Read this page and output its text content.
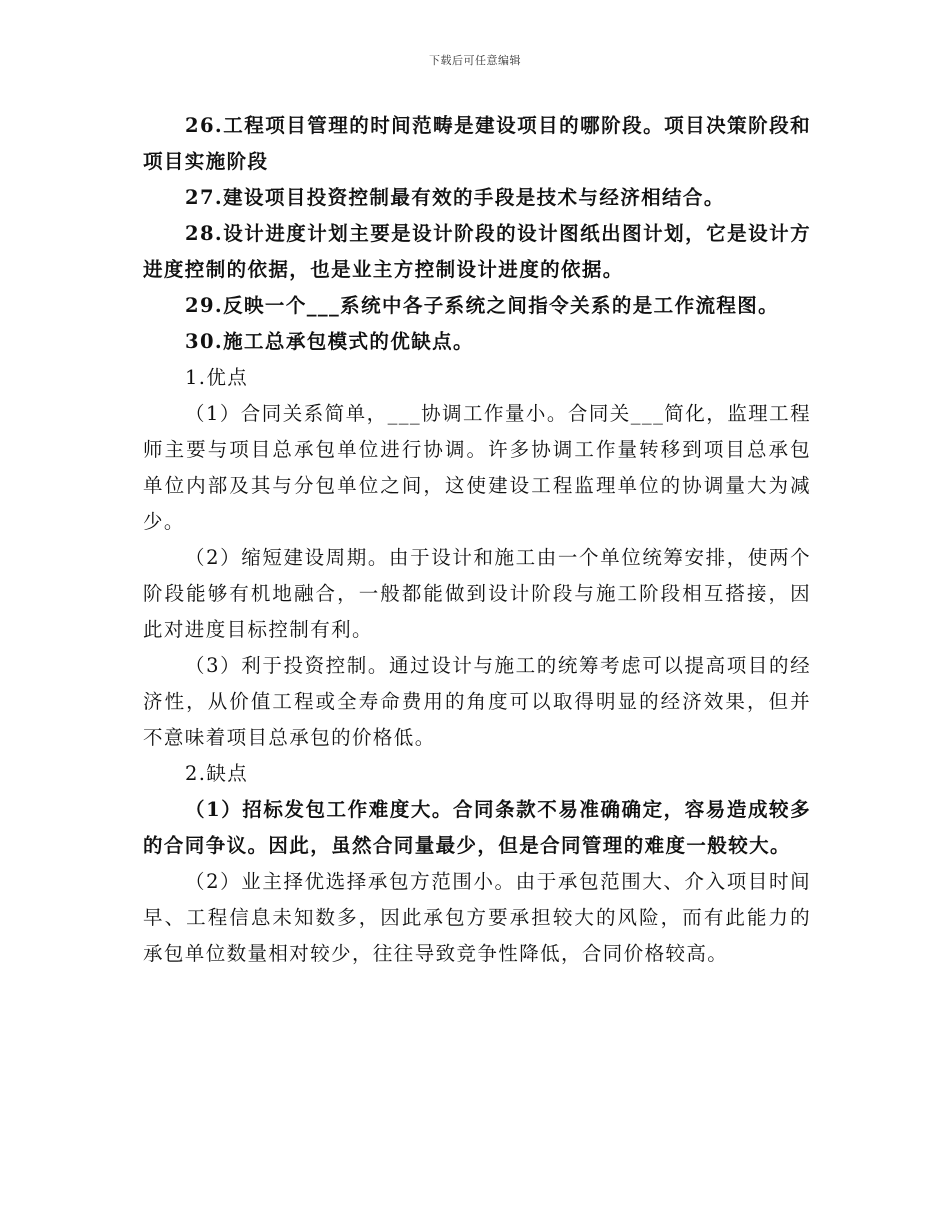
下载后可任意编辑

26.工程项目管理的时间范畴是建设项目的哪阶段。项目决策阶段和项目实施阶段

27.建设项目投资控制最有效的手段是技术与经济相结合。

28.设计进度计划主要是设计阶段的设计图纸出图计划，它是设计方进度控制的依据，也是业主方控制设计进度的依据。

29.反映一个___系统中各子系统之间指令关系的是工作流程图。

30.施工总承包模式的优缺点。

1.优点

（1）合同关系简单，___协调工作量小。合同关___简化，监理工程师主要与项目总承包单位进行协调。许多协调工作量转移到项目总承包单位内部及其与分包单位之间，这使建设工程监理单位的协调量大为减少。

（2）缩短建设周期。由于设计和施工由一个单位统筹安排，使两个阶段能够有机地融合，一般都能做到设计阶段与施工阶段相互搭接，因此对进度目标控制有利。

（3）利于投资控制。通过设计与施工的统筹考虑可以提高项目的经济性，从价值工程或全寿命费用的角度可以取得明显的经济效果，但并不意味着项目总承包的价格低。

2.缺点

（1）招标发包工作难度大。合同条款不易准确确定，容易造成较多的合同争议。因此，虽然合同量最少，但是合同管理的难度一般较大。

（2）业主择优选择承包方范围小。由于承包范围大、介入项目时间早、工程信息未知数多，因此承包方要承担较大的风险，而有此能力的承包单位数量相对较少，往往导致竞争性降低，合同价格较高。
